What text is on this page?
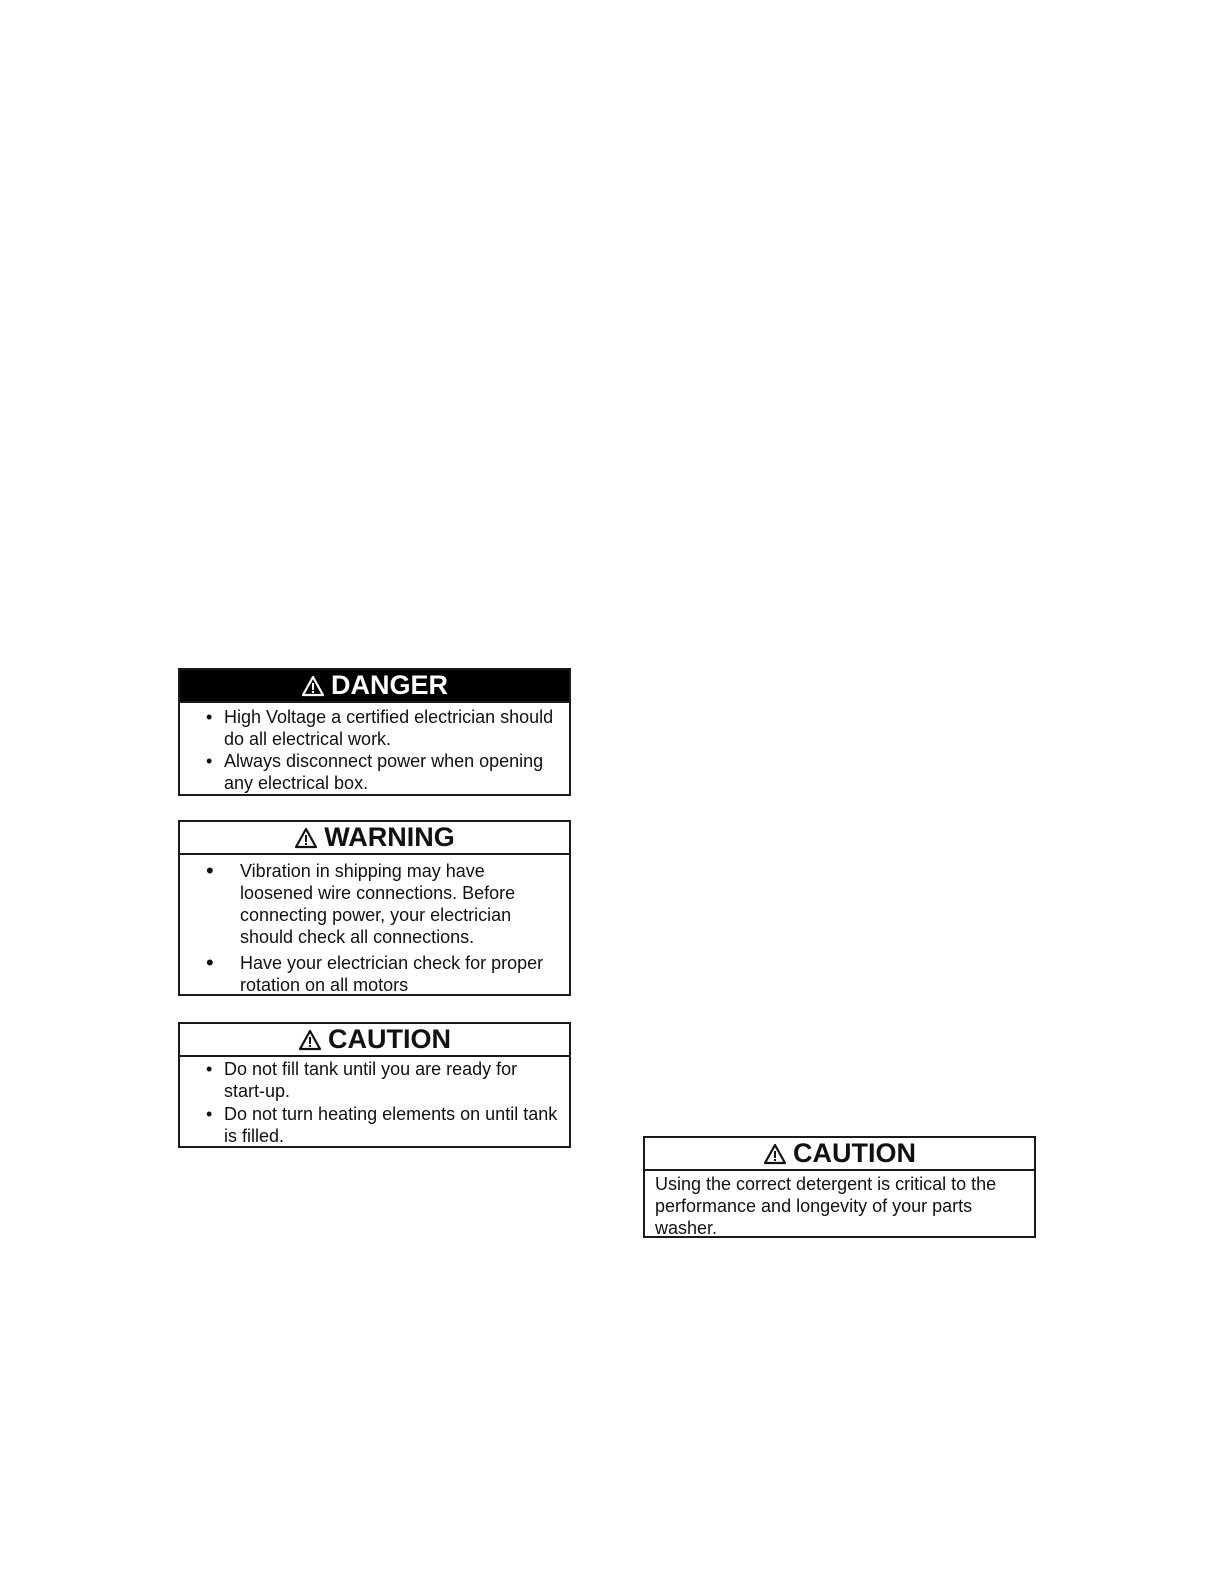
DANGER
• High Voltage a certified electrician should do all electrical work.
• Always disconnect power when opening any electrical box.
WARNING
• Vibration in shipping may have loosened wire connections. Before connecting power, your electrician should check all connections.
• Have your electrician check for proper rotation on all motors
CAUTION
• Do not fill tank until you are ready for start-up.
• Do not turn heating elements on until tank is filled.
CAUTION

Using the correct detergent is critical to the performance and longevity of your parts washer.
